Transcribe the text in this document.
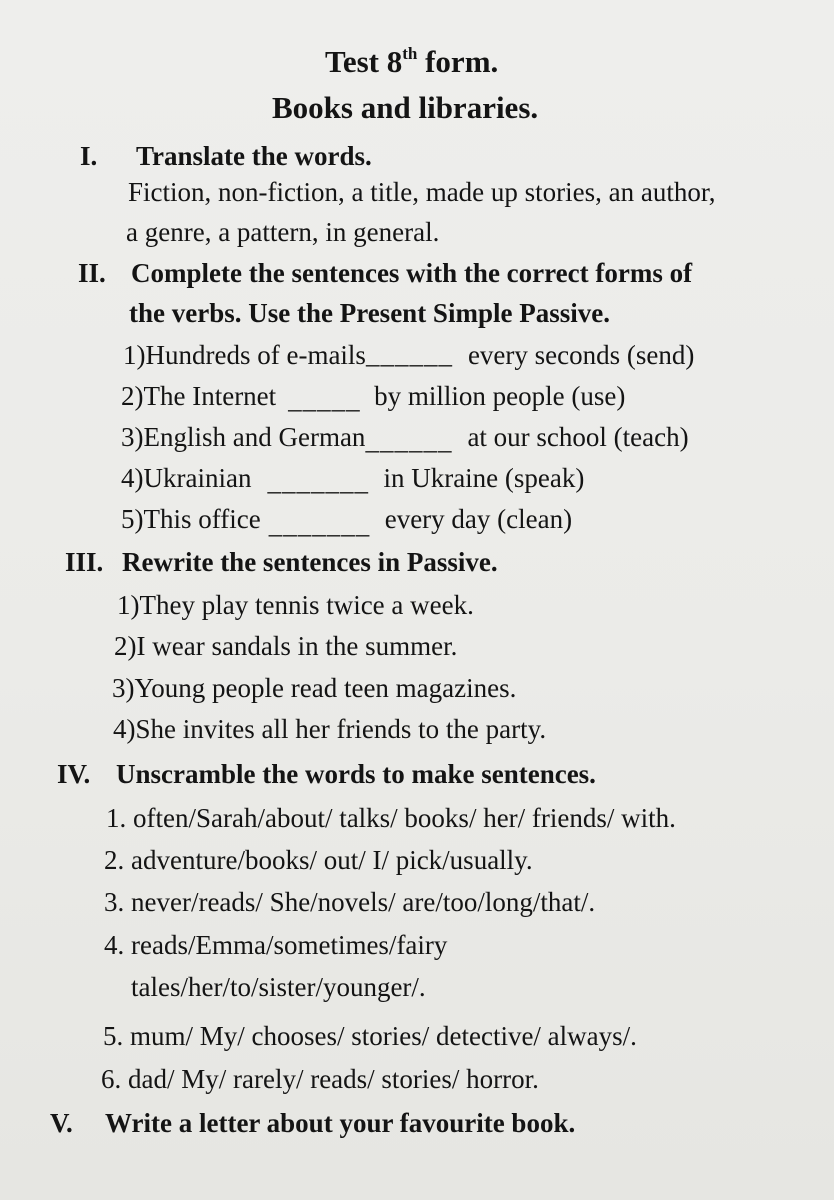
Test 8th form.
Books and libraries.
I. Translate the words.
Fiction, non-fiction, a title, made up stories, an author,
a genre, a pattern, in general.
II. Complete the sentences with the correct forms of
the verbs. Use the Present Simple Passive.
1)Hundreds of e-mails ______ every seconds (send)
2)The Internet _____ by million people (use)
3)English and German ______ at our school (teach)
4)Ukrainian _______ in Ukraine (speak)
5)This office _______ every day (clean)
III. Rewrite the sentences in Passive.
1)They play tennis twice a week.
2)I wear sandals in the summer.
3)Young people read teen magazines.
4)She invites all her friends to the party.
IV. Unscramble the words to make sentences.
1. often/Sarah/about/ talks/ books/ her/ friends/ with.
2. adventure/books/ out/ I/ pick/usually.
3. never/reads/ She/novels/ are/too/long/that/.
4. reads/Emma/sometimes/fairy
tales/her/to/sister/younger/.
5. mum/ My/ chooses/ stories/ detective/ always/.
6. dad/ My/ rarely/ reads/ stories/ horror.
V. Write a letter about your favourite book.
